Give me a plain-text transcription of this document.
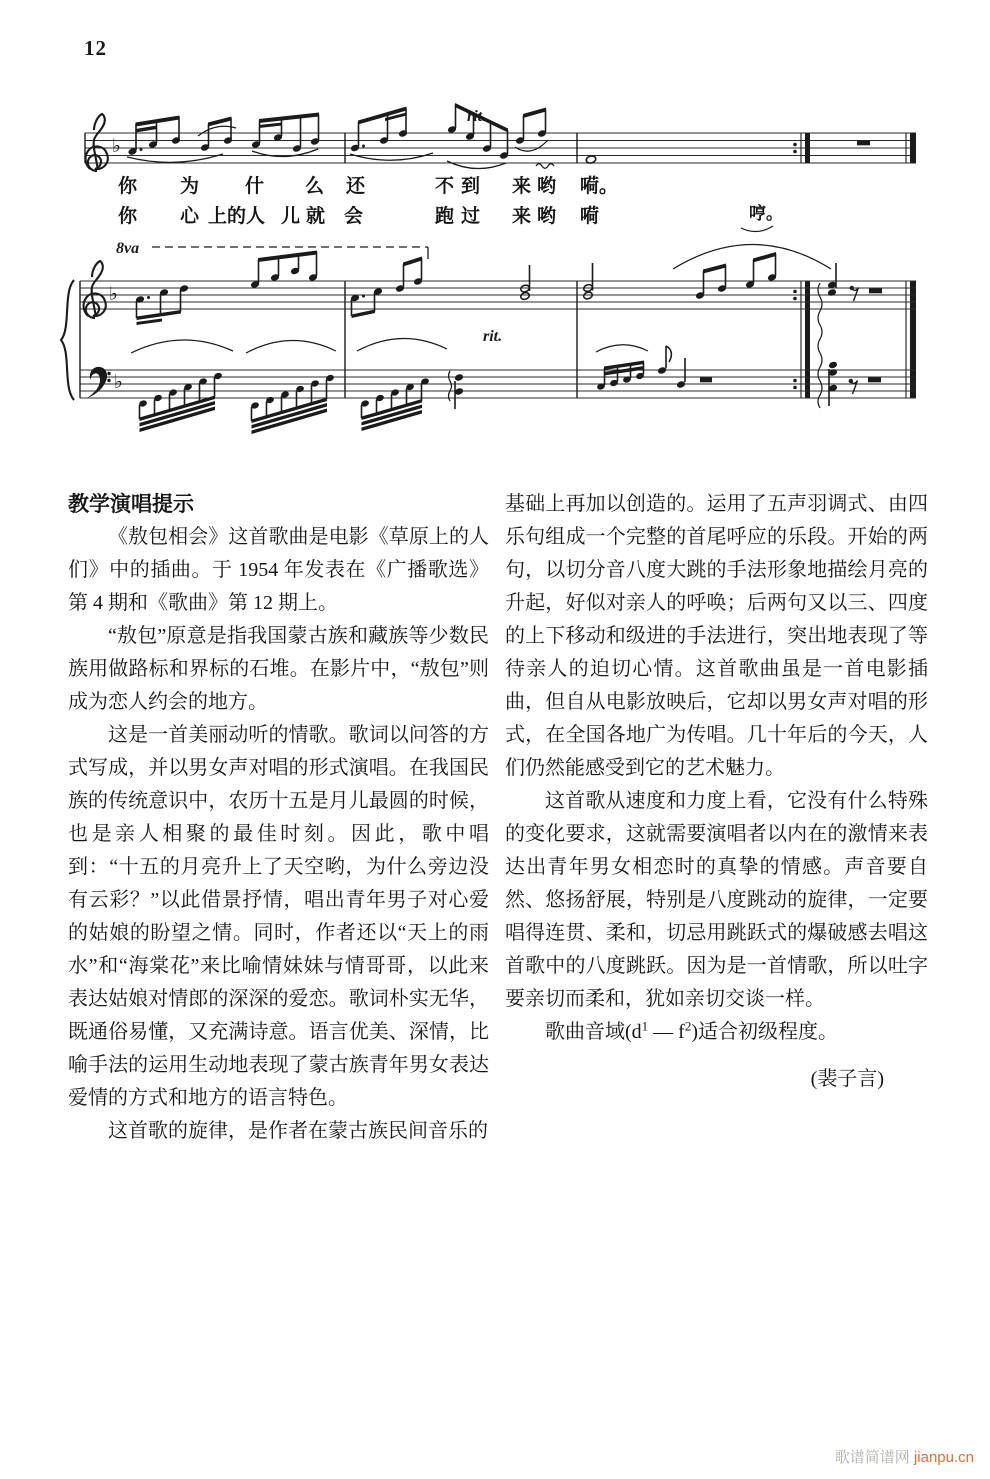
12
♭
rit.
你 为 什 么 还	不 到 来 哟 嗬。
你 心 上的人 儿 就 会	跑 过 来 哟 嗬	哼。
8va
rit.
♭
♭

教学演唱提示

《敖包相会》这首歌曲是电影《草原上的人们》中的插曲。于 1954 年发表在《广播歌选》第 4 期和《歌曲》第 12 期上。

“敖包”原意是指我国蒙古族和藏族等少数民族用做路标和界标的石堆。在影片中，“敖包”则成为恋人约会的地方。

这是一首美丽动听的情歌。歌词以问答的方式写成，并以男女声对唱的形式演唱。在我国民族的传统意识中，农历十五是月儿最圆的时候，也是亲人相聚的最佳时刻。因此，歌中唱到：“十五的月亮升上了天空哟，为什么旁边没有云彩？”以此借景抒情，唱出青年男子对心爱的姑娘的盼望之情。同时，作者还以“天上的雨水”和“海棠花”来比喻情妹妹与情哥哥，以此来表达姑娘对情郎的深深的爱恋。歌词朴实无华，既通俗易懂，又充满诗意。语言优美、深情，比喻手法的运用生动地表现了蒙古族青年男女表达爱情的方式和地方的语言特色。

这首歌的旋律，是作者在蒙古族民间音乐的

基础上再加以创造的。运用了五声羽调式、由四乐句组成一个完整的首尾呼应的乐段。开始的两句，以切分音八度大跳的手法形象地描绘月亮的升起，好似对亲人的呼唤；后两句又以三、四度的上下移动和级进的手法进行，突出地表现了等待亲人的迫切心情。这首歌曲虽是一首电影插曲，但自从电影放映后，它却以男女声对唱的形式，在全国各地广为传唱。几十年后的今天，人们仍然能感受到它的艺术魅力。

这首歌从速度和力度上看，它没有什么特殊的变化要求，这就需要演唱者以内在的激情来表达出青年男女相恋时的真挚的情感。声音要自然、悠扬舒展，特别是八度跳动的旋律，一定要唱得连贯、柔和，切忌用跳跃式的爆破感去唱这首歌中的八度跳跃。因为是一首情歌，所以吐字要亲切而柔和，犹如亲切交谈一样。

歌曲音域($d^1$ — $f^2$)适合初级程度。

(裴子言)

歌谱简谱网 jianpu.cn
